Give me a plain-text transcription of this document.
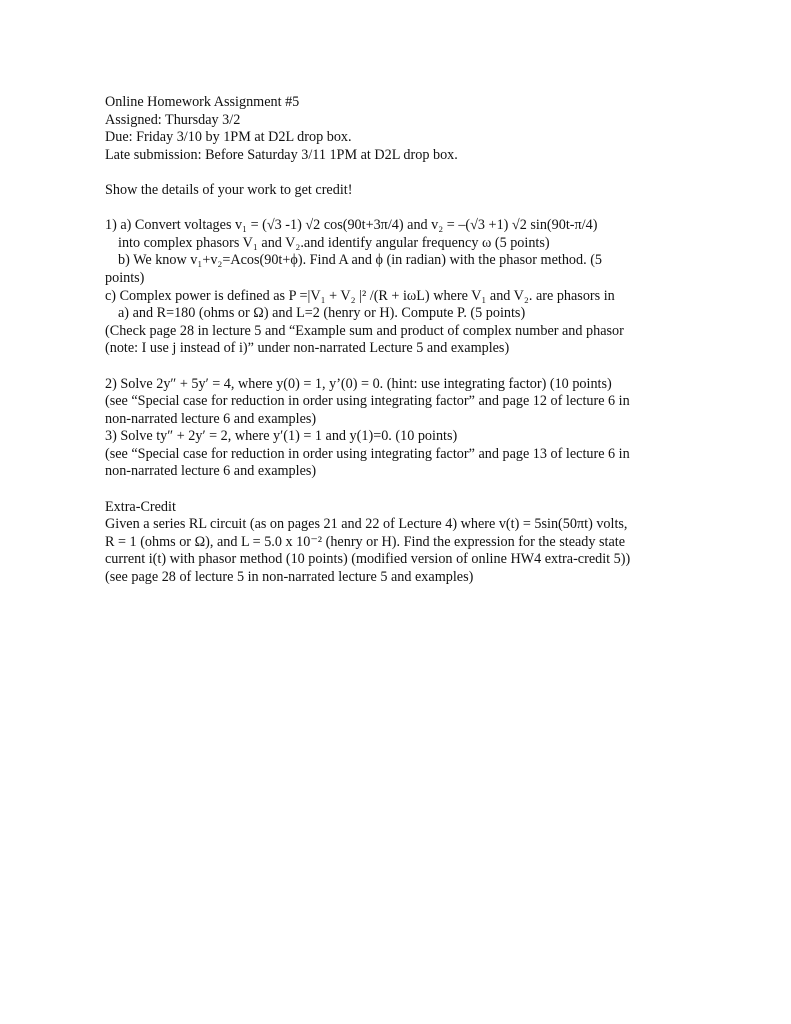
Online Homework Assignment #5
Assigned: Thursday 3/2
Due: Friday 3/10 by 1PM at D2L drop box.
Late submission: Before Saturday 3/11 1PM at D2L drop box.
Show the details of your work to get credit!
1) a) Convert voltages v₁ = (√3 -1) √2 cos(90t+3π/4) and v₂ = –(√3 +1) √2 sin(90t-π/4)
into complex phasors V₁ and V₂.and identify angular frequency ω (5 points)
b) We know v₁+v₂=Acos(90t+ϕ). Find A and ϕ (in radian) with the phasor method. (5
points)
c) Complex power is defined as P =|V₁ + V₂ |² /(R + iωL) where V₁ and V₂. are phasors in
a) and R=180 (ohms or Ω) and L=2 (henry or H). Compute P. (5 points)
(Check page 28 in lecture 5 and “Example sum and product of complex number and phasor
(note: I use j instead of i)” under non-narrated Lecture 5 and examples)
2) Solve 2y″ + 5y′ = 4, where y(0) = 1, y’(0) = 0. (hint: use integrating factor) (10 points)
(see “Special case for reduction in order using integrating factor” and page 12 of lecture 6 in
non-narrated lecture 6 and examples)
3) Solve ty″ + 2y′ = 2, where y′(1) = 1 and y(1)=0. (10 points)
(see “Special case for reduction in order using integrating factor” and page 13 of lecture 6 in
non-narrated lecture 6 and examples)
Extra-Credit
Given a series RL circuit (as on pages 21 and 22 of Lecture 4) where v(t) = 5sin(50πt) volts,
R = 1 (ohms or Ω), and L = 5.0 x 10⁻² (henry or H). Find the expression for the steady state
current i(t) with phasor method (10 points) (modified version of online HW4 extra-credit 5))
(see page 28 of lecture 5 in non-narrated lecture 5 and examples)
